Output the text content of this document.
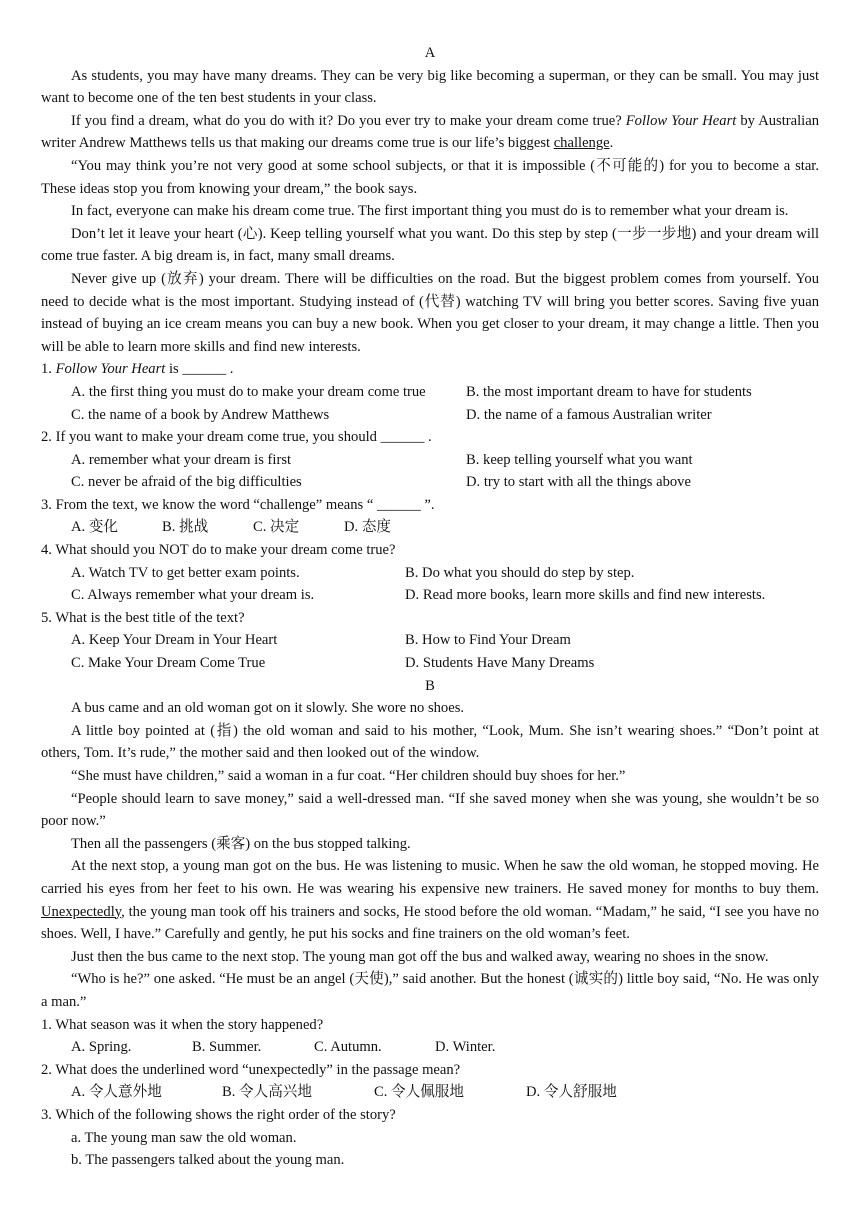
A

As students, you may have many dreams. They can be very big like becoming a superman, or they can be small. You may just want to become one of the ten best students in your class.

If you find a dream, what do you do with it? Do you ever try to make your dream come true? Follow Your Heart by Australian writer Andrew Matthews tells us that making our dreams come true is our life’s biggest challenge.

“You may think you’re not very good at some school subjects, or that it is impossible (不可能的) for you to become a star. These ideas stop you from knowing your dream,” the book says.

In fact, everyone can make his dream come true. The first important thing you must do is to remember what your dream is.

Don’t let it leave your heart (心). Keep telling yourself what you want. Do this step by step (一步一步地) and your dream will come true faster. A big dream is, in fact, many small dreams.

Never give up (放弃) your dream. There will be difficulties on the road. But the biggest problem comes from yourself. You need to decide what is the most important. Studying instead of (代替) watching TV will bring you better scores. Saving five yuan instead of buying an ice cream means you can buy a new book. When you get closer to your dream, it may change a little. Then you will be able to learn more skills and find new interests.

1. Follow Your Heart is ______ .

A. the first thing you must do to make your dream come true	B. the most important dream to have for students
C. the name of a book by Andrew Matthews	D. the name of a famous Australian writer

2. If you want to make your dream come true, you should ______ .

A. remember what your dream is first	B. keep telling yourself what you want
C. never be afraid of the big difficulties	D. try to start with all the things above

3. From the text, we know the word “challenge” means “ ______ ”.

A. 变化	B. 挑战	C. 决定	D. 态度

4. What should you NOT do to make your dream come true?

A. Watch TV to get better exam points.	B. Do what you should do step by step.
C. Always remember what your dream is.	D. Read more books, learn more skills and find new interests.

5. What is the best title of the text?

A. Keep Your Dream in Your Heart	B. How to Find Your Dream
C. Make Your Dream Come True	D. Students Have Many Dreams
B

A bus came and an old woman got on it slowly. She wore no shoes.

A little boy pointed at (指) the old woman and said to his mother, “Look, Mum. She isn’t wearing shoes.” “Don’t point at others, Tom. It’s rude,” the mother said and then looked out of the window.

“She must have children,” said a woman in a fur coat. “Her children should buy shoes for her.”

“People should learn to save money,” said a well-dressed man. “If she saved money when she was young, she wouldn’t be so poor now.”

Then all the passengers (乘客) on the bus stopped talking.

At the next stop, a young man got on the bus. He was listening to music. When he saw the old woman, he stopped moving. He carried his eyes from her feet to his own. He was wearing his expensive new trainers. He saved money for months to buy them. Unexpectedly, the young man took off his trainers and socks, He stood before the old woman. “Madam,” he said, “I see you have no shoes. Well, I have.” Carefully and gently, he put his socks and fine trainers on the old woman’s feet.

Just then the bus came to the next stop. The young man got off the bus and walked away, wearing no shoes in the snow.

“Who is he?” one asked. “He must be an angel (天使),” said another. But the honest (诚实的) little boy said, “No. He was only a man.”

1. What season was it when the story happened?

A. Spring.	B. Summer.	C. Autumn.	D. Winter.

2. What does the underlined word “unexpectedly” in the passage mean?

A. 令人意外地	B. 令人高兴地	C. 令人佩服地	D. 令人舒服地

3. Which of the following shows the right order of the story?

a. The young man saw the old woman.
b. The passengers talked about the young man.
